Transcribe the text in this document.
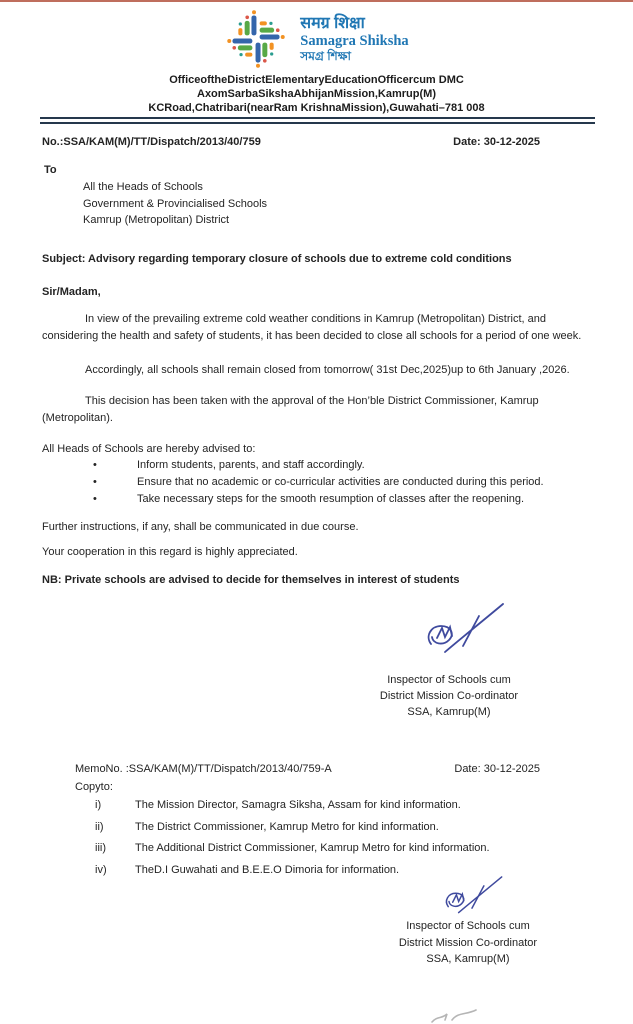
समग्र शिक्षा
Samagra Shiksha
সমগ্ৰ শিক্ষা
OfficeoftheDistrictElementaryEducationOfficercum DMC
AxomSarbaSikshaAbhijanMission,Kamrup(M)
KCRoad,Chatribari(nearRam KrishnaMission),Guwahati–781 008
No.:SSA/KAM(M)/TT/Dispatch/2013/40/759	Date: 30-12-2025
To
All the Heads of Schools
Government & Provincialised Schools
Kamrup (Metropolitan) District
Subject: Advisory regarding temporary closure of schools due to extreme cold conditions
Sir/Madam,
In view of the prevailing extreme cold weather conditions in Kamrup (Metropolitan) District, and considering the health and safety of students, it has been decided to close all schools for a period of one week.
Accordingly, all schools shall remain closed from tomorrow( 31st Dec,2025)up to 6th January ,2026.
This decision has been taken with the approval of the Hon’ble District Commissioner, Kamrup (Metropolitan).
All Heads of Schools are hereby advised to:
•	Inform students, parents, and staff accordingly.
•	Ensure that no academic or co-curricular activities are conducted during this period.
•	Take necessary steps for the smooth resumption of classes after the reopening.
Further instructions, if any, shall be communicated in due course.
Your cooperation in this regard is highly appreciated.
NB: Private schools are advised to decide for themselves in interest of students
Inspector of Schools cum
District Mission Co-ordinator
SSA, Kamrup(M)
MemoNo. :SSA/KAM(M)/TT/Dispatch/2013/40/759-A	Date: 30-12-2025
Copyto:
i)	The Mission Director, Samagra Siksha, Assam for kind information.
ii)	The District Commissioner, Kamrup Metro for kind information.
iii)	The Additional District Commissioner, Kamrup Metro for kind information.
iv)	TheD.I Guwahati and B.E.E.O Dimoria for information.
Inspector of Schools cum
District Mission Co-ordinator
SSA, Kamrup(M)
